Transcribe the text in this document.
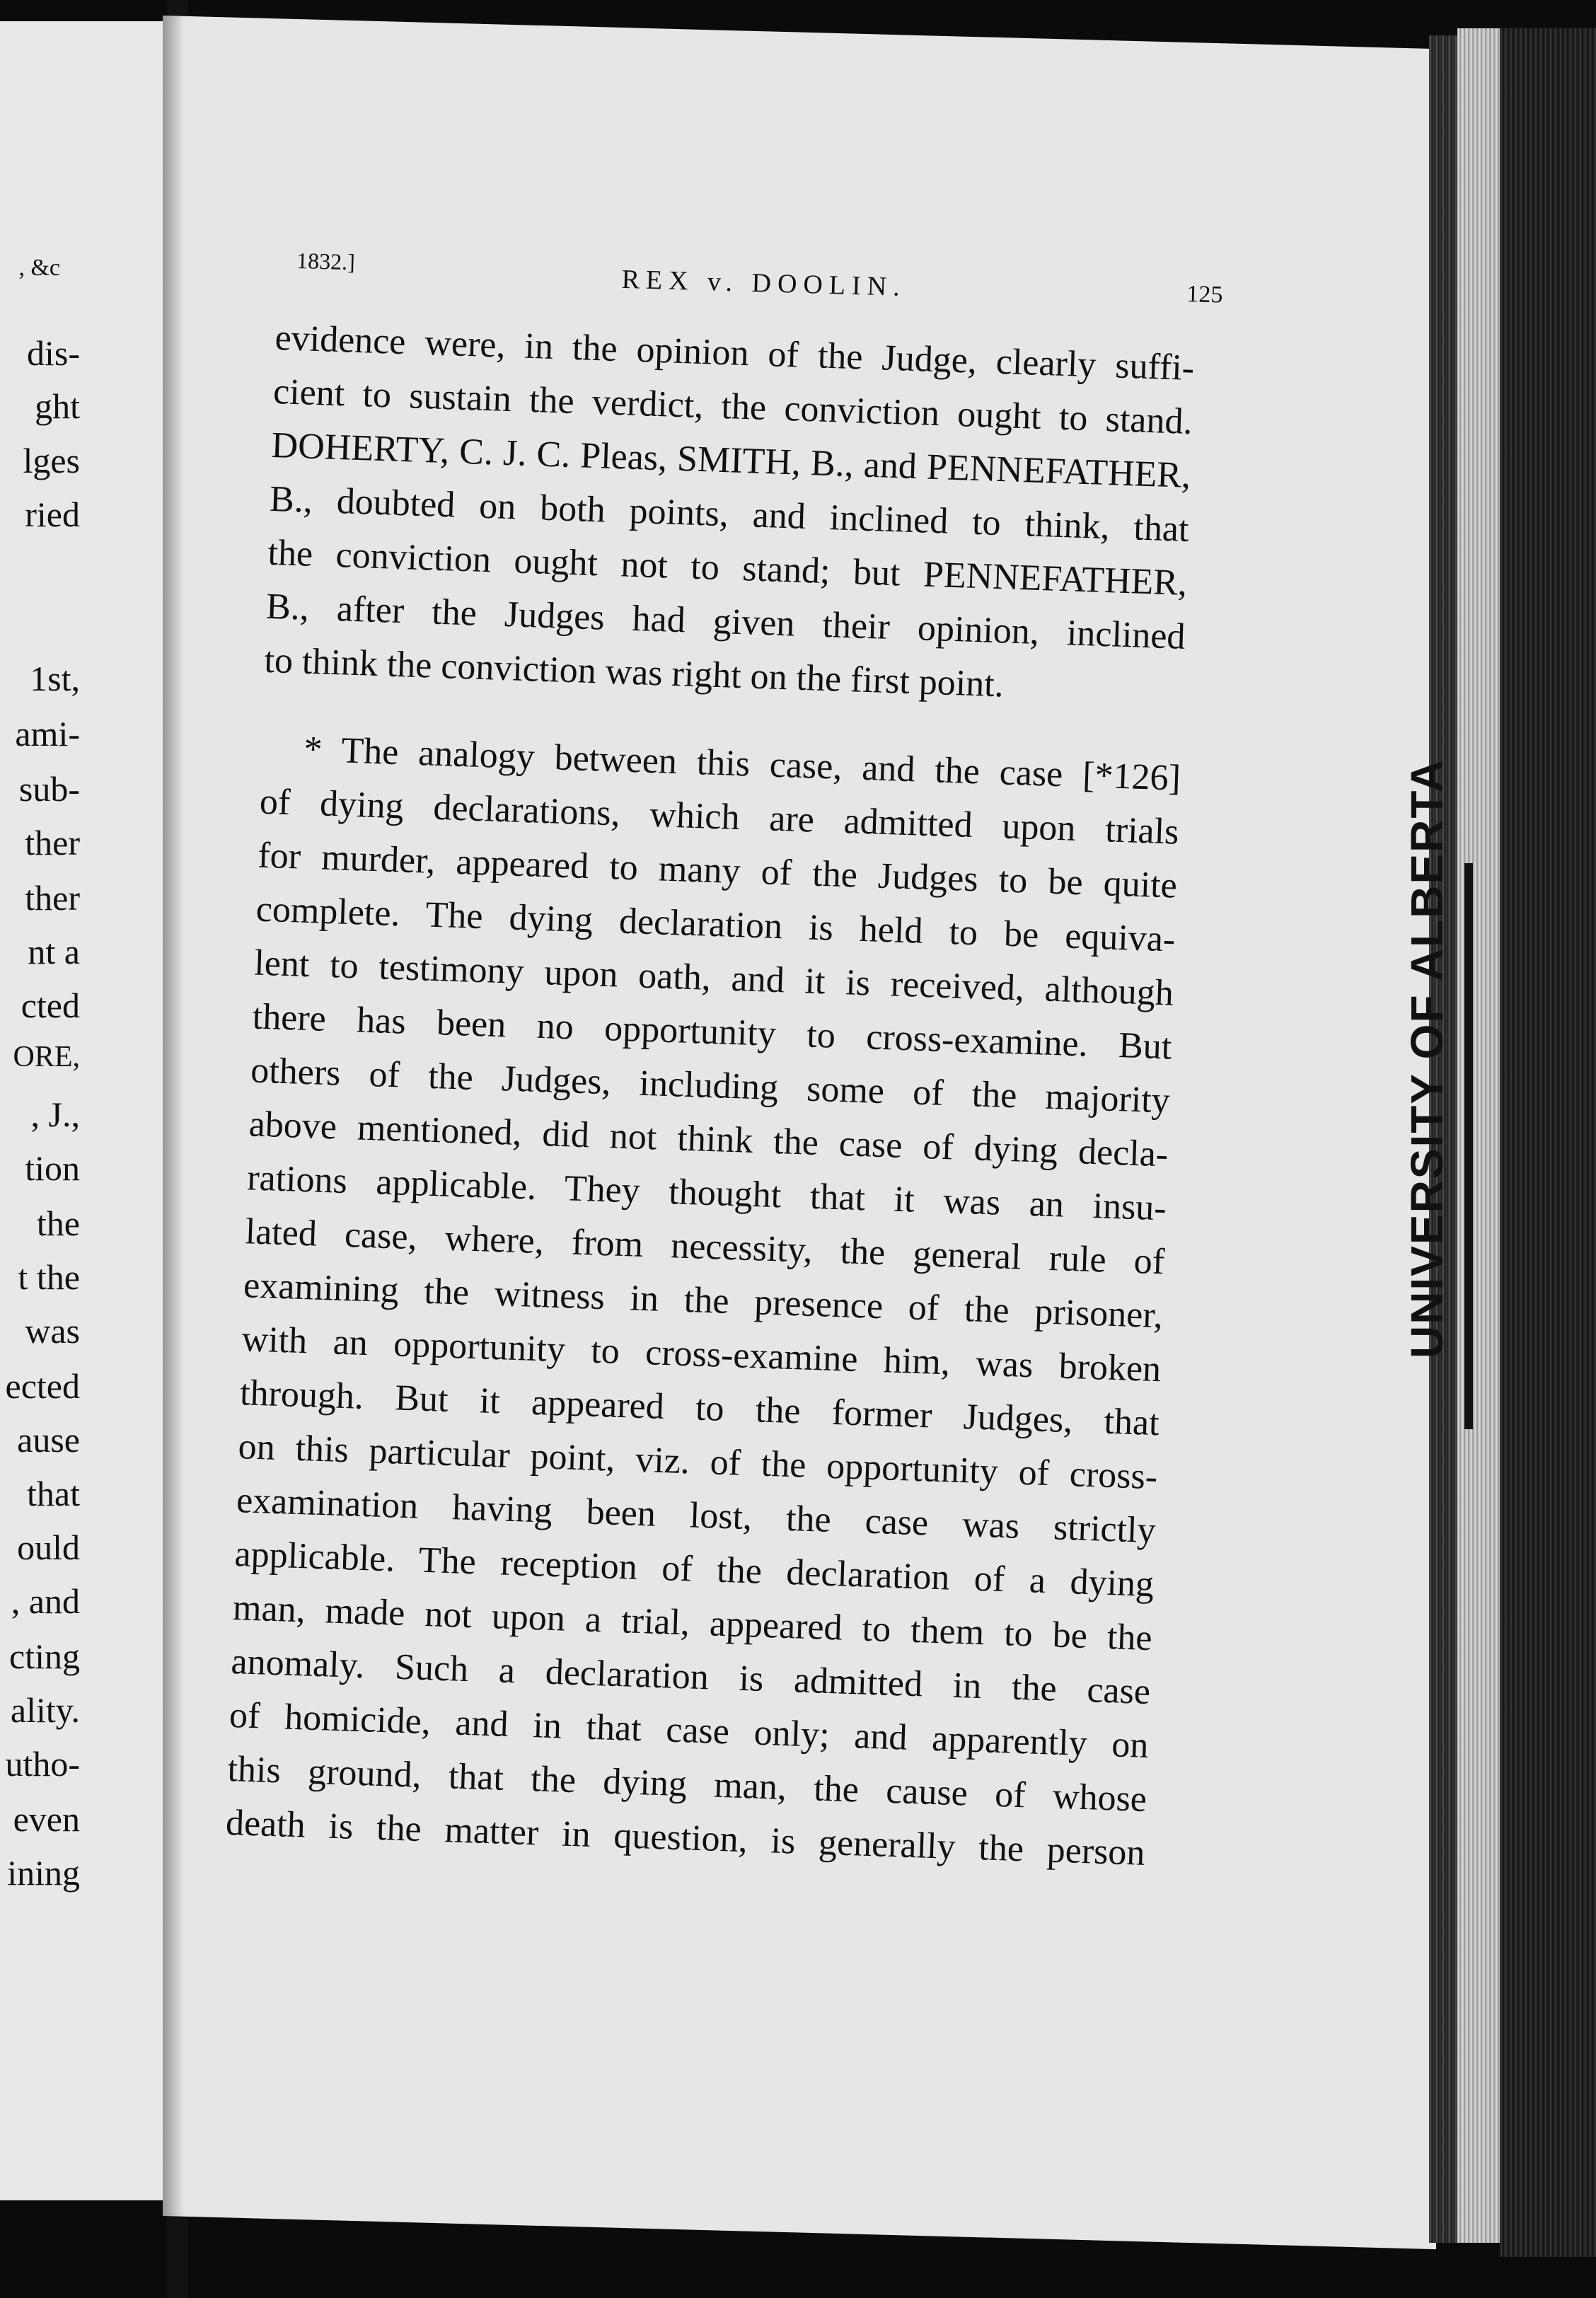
, &c
dis-
ght
lges
ried
1st,
ami-
sub-
ther
ther
nt a
cted
ORE,
, J.,
tion
the
t the
was
ected
ause
that
ould
, and
cting
ality.
utho-
even
ining
1832.]
REX v. DOOLIN.	125
evidence were, in the opinion of the Judge, clearly suffi-
cient to sustain the verdict, the conviction ought to stand.
DOHERTY, C. J. C. Pleas, SMITH, B., and PENNEFATHER,
B., doubted on both points, and inclined to think, that
the conviction ought not to stand; but PENNEFATHER,
B., after the Judges had given their opinion, inclined
to think the conviction was right on the first point.
* The analogy between this case, and the case [*126]
of dying declarations, which are admitted upon trials
for murder, appeared to many of the Judges to be quite
complete. The dying declaration is held to be equiva-
lent to testimony upon oath, and it is received, although
there has been no opportunity to cross-examine. But
others of the Judges, including some of the majority
above mentioned, did not think the case of dying decla-
rations applicable. They thought that it was an insu-
lated case, where, from necessity, the general rule of
examining the witness in the presence of the prisoner,
with an opportunity to cross-examine him, was broken
through. But it appeared to the former Judges, that
on this particular point, viz. of the opportunity of cross-
examination having been lost, the case was strictly
applicable. The reception of the declaration of a dying
man, made not upon a trial, appeared to them to be the
anomaly. Such a declaration is admitted in the case
of homicide, and in that case only; and apparently on
this ground, that the dying man, the cause of whose
death is the matter in question, is generally the person
UNIVERSITY OF ALBERTA
